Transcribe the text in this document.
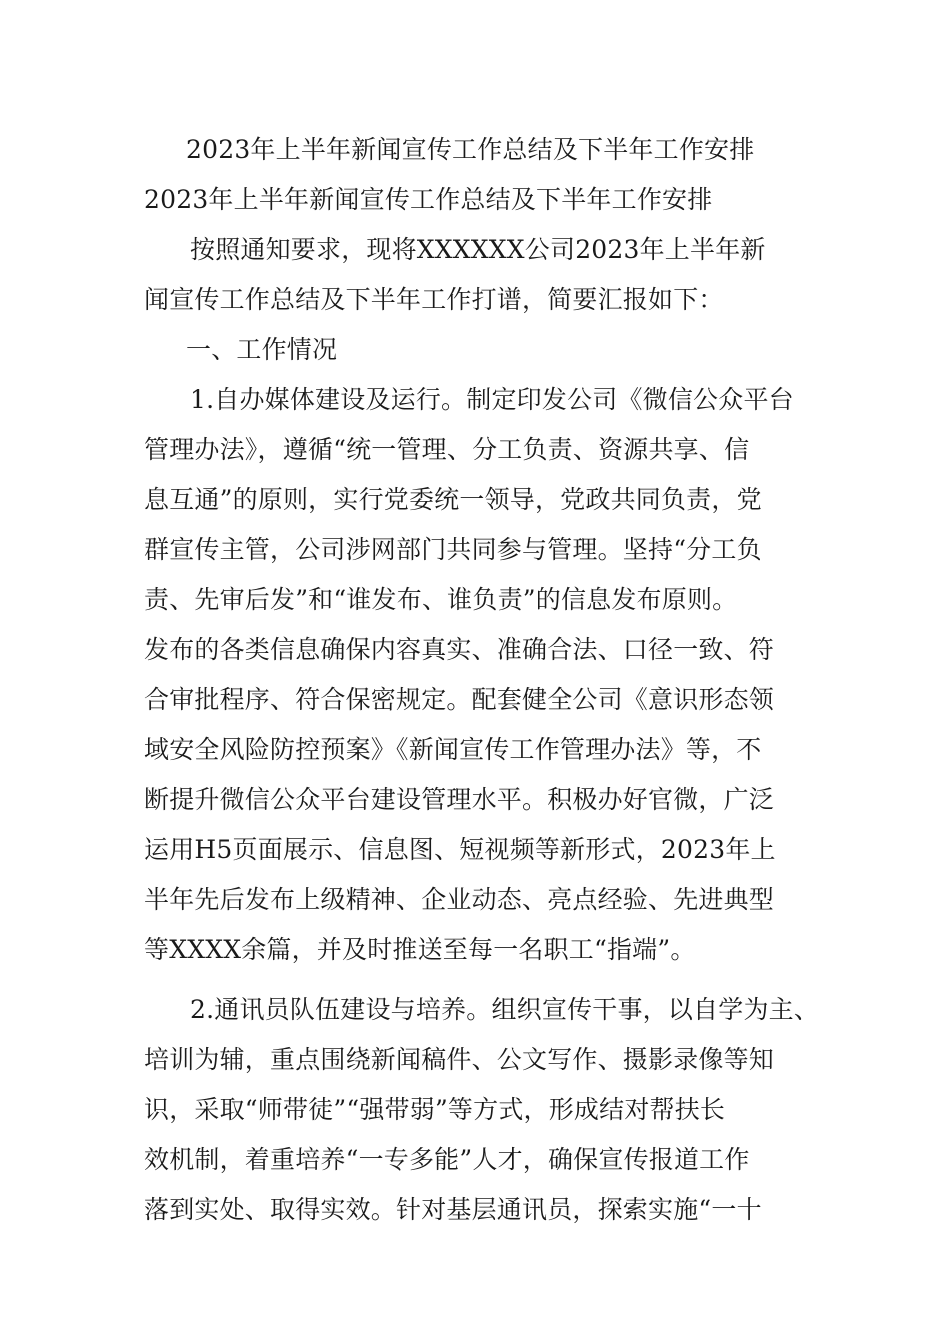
2023年上半年新闻宣传工作总结及下半年工作安排
2023年上半年新闻宣传工作总结及下半年工作安排
按照通知要求，现将XXXXXX公司2023年上半年新
闻宣传工作总结及下半年工作打谱，简要汇报如下：
一、工作情况
1.自办媒体建设及运行。制定印发公司《微信公众平台
管理办法》，遵循“统一管理、分工负责、资源共享、信
息互通”的原则，实行党委统一领导，党政共同负责，党
群宣传主管，公司涉网部门共同参与管理。坚持“分工负
责、先审后发”和“谁发布、谁负责”的信息发布原则。
发布的各类信息确保内容真实、准确合法、口径一致、符
合审批程序、符合保密规定。配套健全公司《意识形态领
域安全风险防控预案》《新闻宣传工作管理办法》等，不
断提升微信公众平台建设管理水平。积极办好官微，广泛
运用H5页面展示、信息图、短视频等新形式，2023年上
半年先后发布上级精神、企业动态、亮点经验、先进典型
等XXXX余篇，并及时推送至每一名职工“指端”。
2.通讯员队伍建设与培养。组织宣传干事，以自学为主、
培训为辅，重点围绕新闻稿件、公文写作、摄影录像等知
识，采取“师带徒”“强带弱”等方式，形成结对帮扶长
效机制，着重培养“一专多能”人才，确保宣传报道工作
落到实处、取得实效。针对基层通讯员，探索实施“一十
